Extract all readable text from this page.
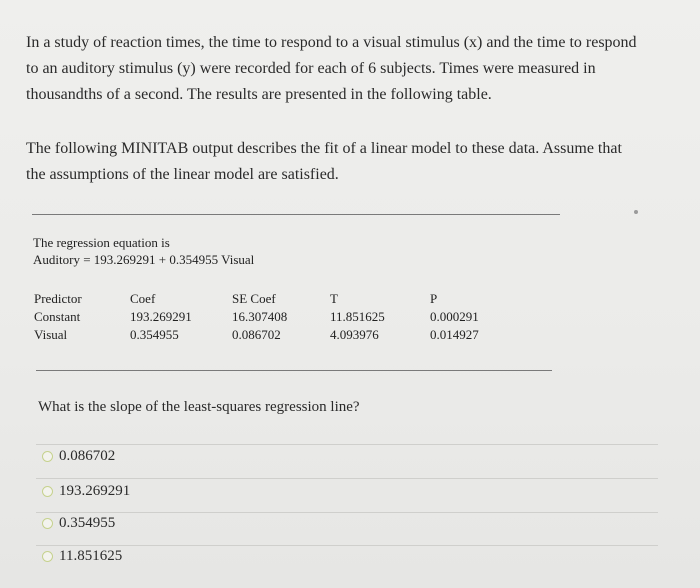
In a study of reaction times, the time to respond to a visual stimulus (x) and the time to respond
to an auditory stimulus (y) were recorded for each of 6 subjects. Times were measured in
thousandths of a second. The results are presented in the following table.
The following MINITAB output describes the fit of a linear model to these data. Assume that
the assumptions of the linear model are satisfied.
The regression equation is
Auditory = 193.269291 + 0.354955 Visual
Predictor
Constant
Visual
Coef
193.269291
0.354955
SE Coef
16.307408
0.086702
T
11.851625
4.093976
P
0.000291
0.014927
What is the slope of the least-squares regression line?
0.086702
193.269291
0.354955
11.851625
